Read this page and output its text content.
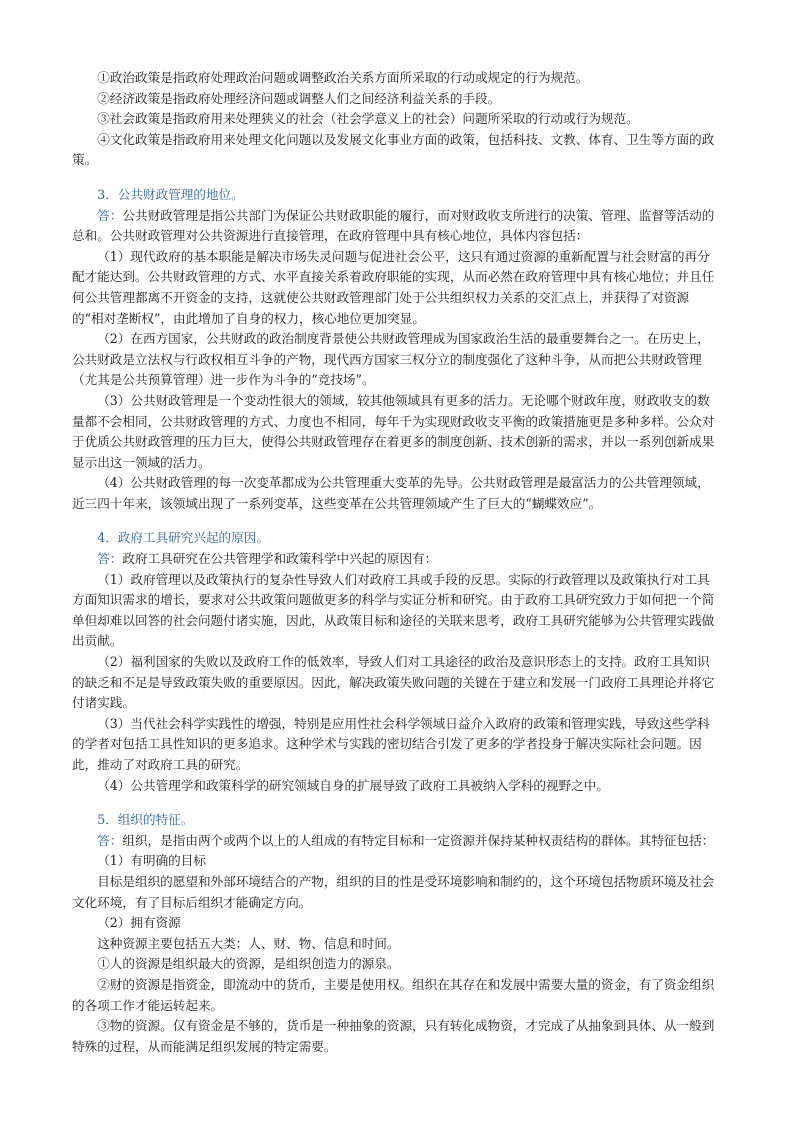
①政治政策是指政府处理政治问题或调整政治关系方面所采取的行动或规定的行为规范。

②经济政策是指政府处理经济问题或调整人们之间经济利益关系的手段。

③社会政策是指政府用来处理狭义的社会（社会学意义上的社会）问题所采取的行动或行为规范。

④文化政策是指政府用来处理文化问题以及发展文化事业方面的政策，包括科技、文教、体育、卫生等方面的政策。

3．公共财政管理的地位。

答：公共财政管理是指公共部门为保证公共财政职能的履行，而对财政收支所进行的决策、管理、监督等活动的总和。公共财政管理对公共资源进行直接管理，在政府管理中具有核心地位，具体内容包括：

（1）现代政府的基本职能是解决市场失灵问题与促进社会公平，这只有通过资源的重新配置与社会财富的再分配才能达到。公共财政管理的方式、水平直接关系着政府职能的实现，从而必然在政府管理中具有核心地位；并且任何公共管理都离不开资金的支持，这就使公共财政管理部门处于公共组织权力关系的交汇点上，并获得了对资源的“相对垄断权”，由此增加了自身的权力，核心地位更加突显。

（2）在西方国家，公共财政的政治制度背景使公共财政管理成为国家政治生活的最重要舞台之一。在历史上，公共财政是立法权与行政权相互斗争的产物，现代西方国家三权分立的制度强化了这种斗争，从而把公共财政管理（尤其是公共预算管理）进一步作为斗争的“竞技场”。

（3）公共财政管理是一个变动性很大的领域，较其他领域具有更多的活力。无论哪个财政年度，财政收支的数量都不会相同，公共财政管理的方式、力度也不相同，每年千为实现财政收支平衡的政策措施更是多种多样。公众对于优质公共财政管理的压力巨大，使得公共财政管理存在着更多的制度创新、技术创新的需求，并以一系列创新成果显示出这一领域的活力。

（4）公共财政管理的每一次变革都成为公共管理重大变革的先导。公共财政管理是最富活力的公共管理领域，近三四十年来，该领域出现了一系列变革，这些变革在公共管理领域产生了巨大的“蝴蝶效应”。

4．政府工具研究兴起的原因。

答：政府工具研究在公共管理学和政策科学中兴起的原因有：

（1）政府管理以及政策执行的复杂性导致人们对政府工具或手段的反思。实际的行政管理以及政策执行对工具方面知识需求的增长，要求对公共政策问题做更多的科学与实证分析和研究。由于政府工具研究致力于如何把一个简单但却难以回答的社会问题付诸实施，因此，从政策目标和途径的关联来思考，政府工具研究能够为公共管理实践做出贡献。

（2）福利国家的失败以及政府工作的低效率，导致人们对工具途径的政治及意识形态上的支持。政府工具知识的缺乏和不足是导致政策失败的重要原因。因此，解决政策失败问题的关键在于建立和发展一门政府工具理论并将它付诸实践。

（3）当代社会科学实践性的增强，特别是应用性社会科学领域日益介入政府的政策和管理实践，导致这些学科的学者对包括工具性知识的更多追求。这种学术与实践的密切结合引发了更多的学者投身于解决实际社会问题。因此，推动了对政府工具的研究。

（4）公共管理学和政策科学的研究领域自身的扩展导致了政府工具被纳入学科的视野之中。

5．组织的特征。

答：组织，是指由两个或两个以上的人组成的有特定目标和一定资源并保持某种权责结构的群体。其特征包括：

（1）有明确的目标

目标是组织的愿望和外部环境结合的产物，组织的目的性是受环境影响和制约的，这个环境包括物质环境及社会文化环境，有了目标后组织才能确定方向。

（2）拥有资源

这种资源主要包括五大类：人、财、物、信息和时间。

①人的资源是组织最大的资源，是组织创造力的源泉。

②财的资源是指资金，即流动中的货币，主要是使用权。组织在其存在和发展中需要大量的资金，有了资金组织的各项工作才能运转起来。

③物的资源。仅有资金是不够的，货币是一种抽象的资源，只有转化成物资，才完成了从抽象到具体、从一般到特殊的过程，从而能满足组织发展的特定需要。
